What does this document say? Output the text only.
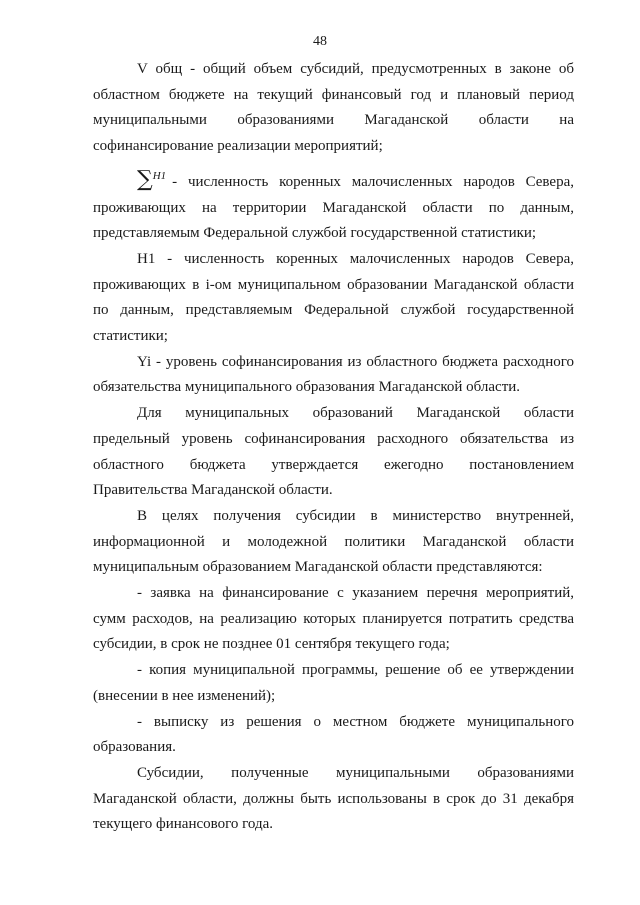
48

V общ - общий объем субсидий, предусмотренных в законе об областном бюджете на текущий финансовый год и плановый период муниципальными образованиями Магаданской области на софинансирование реализации мероприятий;

∑$^{H1}$ - численность коренных малочисленных народов Севера, проживающих на территории Магаданской области по данным, представляемым Федеральной службой государственной статистики;

H1 - численность коренных малочисленных народов Севера, проживающих в i-ом муниципальном образовании Магаданской области по данным, представляемым Федеральной службой государственной статистики;

Yi - уровень софинансирования из областного бюджета расходного обязательства муниципального образования Магаданской области.

Для муниципальных образований Магаданской области предельный уровень софинансирования расходного обязательства из областного бюджета утверждается ежегодно постановлением Правительства Магаданской области.

В целях получения субсидии в министерство внутренней, информационной и молодежной политики Магаданской области муниципальным образованием Магаданской области представляются:

- заявка на финансирование с указанием перечня мероприятий, сумм расходов, на реализацию которых планируется потратить средства субсидии, в срок не позднее 01 сентября текущего года;

- копия муниципальной программы, решение об ее утверждении (внесении в нее изменений);

- выписку из решения о местном бюджете муниципального образования.

Субсидии, полученные муниципальными образованиями Магаданской области, должны быть использованы в срок до 31 декабря текущего финансового года.
